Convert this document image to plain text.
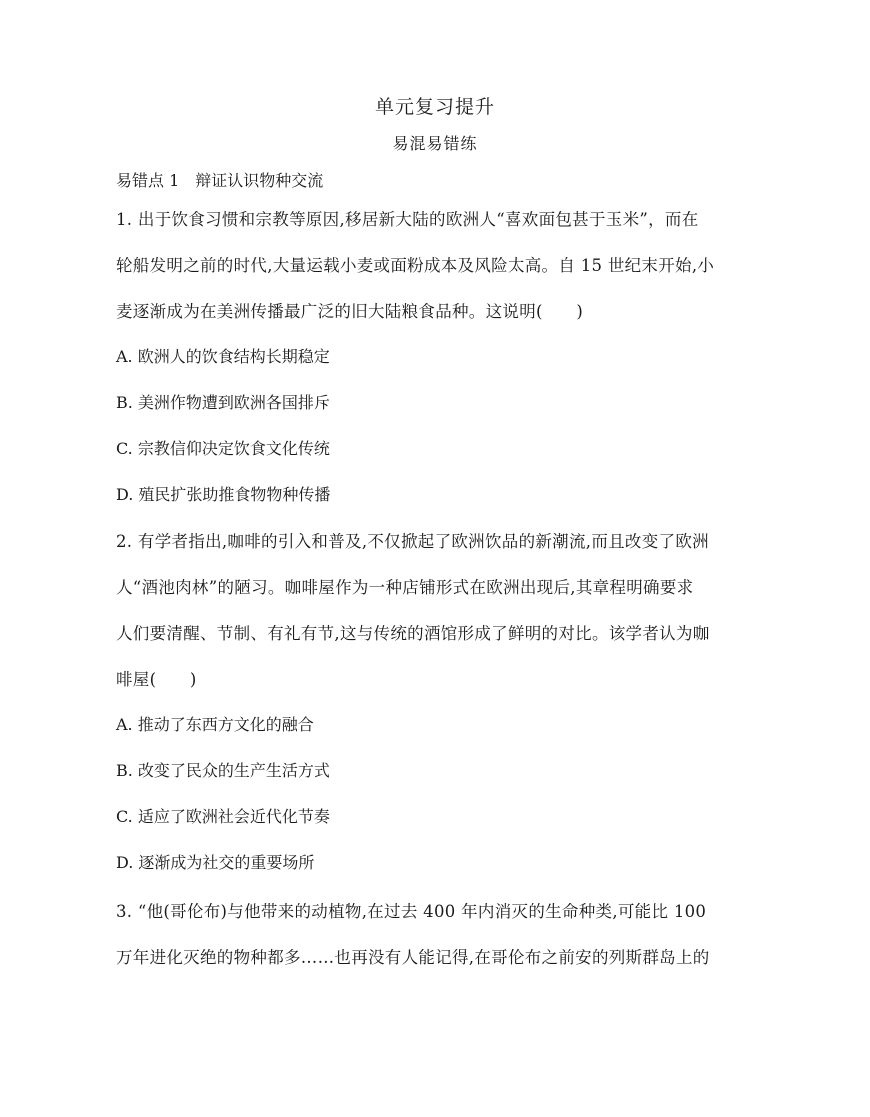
单元复习提升
易混易错练
易错点 1　辩证认识物种交流
1. 出于饮食习惯和宗教等原因,移居新大陆的欧洲人“喜欢面包甚于玉米”，而在
轮船发明之前的时代,大量运载小麦或面粉成本及风险太高。自 15 世纪末开始,小
麦逐渐成为在美洲传播最广泛的旧大陆粮食品种。这说明(　　)
A. 欧洲人的饮食结构长期稳定
B. 美洲作物遭到欧洲各国排斥
C. 宗教信仰决定饮食文化传统
D. 殖民扩张助推食物物种传播
2. 有学者指出,咖啡的引入和普及,不仅掀起了欧洲饮品的新潮流,而且改变了欧洲
人“酒池肉林”的陋习。咖啡屋作为一种店铺形式在欧洲出现后,其章程明确要求
人们要清醒、节制、有礼有节,这与传统的酒馆形成了鲜明的对比。该学者认为咖
啡屋(　　)
A. 推动了东西方文化的融合
B. 改变了民众的生产生活方式
C. 适应了欧洲社会近代化节奏
D. 逐渐成为社交的重要场所
3. “他(哥伦布)与他带来的动植物,在过去 400 年内消灭的生命种类,可能比 100
万年进化灭绝的物种都多……也再没有人能记得,在哥伦布之前安的列斯群岛上的
